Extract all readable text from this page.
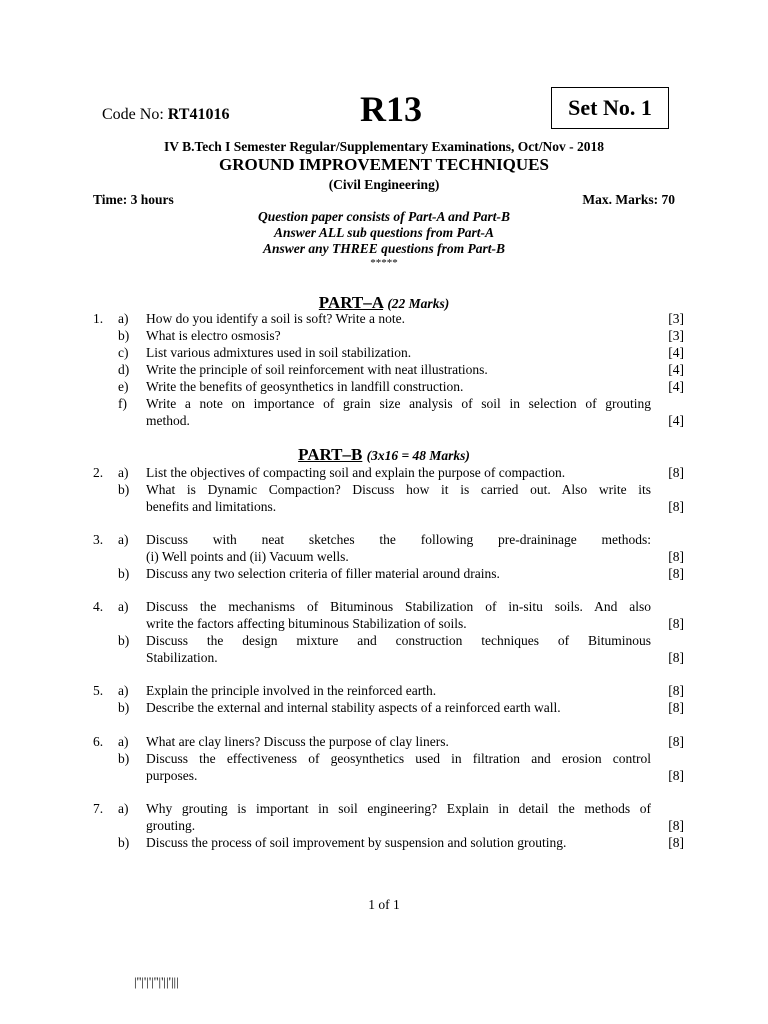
Code No: RT41016	R13	Set No. 1
IV B.Tech I Semester Regular/Supplementary Examinations, Oct/Nov - 2018
GROUND IMPROVEMENT TECHNIQUES
(Civil Engineering)
Time: 3 hours	Max. Marks: 70
Question paper consists of Part-A and Part-B
Answer ALL sub questions from Part-A
Answer any THREE questions from Part-B
*****
PART–A (22 Marks)
1. a) How do you identify a soil is soft? Write a note.	[3]
b) What is electro osmosis?	[3]
c) List various admixtures used in soil stabilization.	[4]
d) Write the principle of soil reinforcement with neat illustrations.	[4]
e) Write the benefits of geosynthetics in landfill construction.	[4]
f) Write a note on importance of grain size analysis of soil in selection of grouting
method.	[4]
PART–B (3x16 = 48 Marks)
2. a) List the objectives of compacting soil and explain the purpose of compaction.	[8]
b) What is Dynamic Compaction? Discuss how it is carried out. Also write its
benefits and limitations.	[8]
3. a) Discuss with neat sketches the following pre-draininage methods:
(i) Well points and (ii) Vacuum wells.	[8]
b) Discuss any two selection criteria of filler material around drains.	[8]
4. a) Discuss the mechanisms of Bituminous Stabilization of in-situ soils. And also
write the factors affecting bituminous Stabilization of soils.	[8]
b) Discuss the design mixture and construction techniques of Bituminous
Stabilization.	[8]
5. a) Explain the principle involved in the reinforced earth.	[8]
b) Describe the external and internal stability aspects of a reinforced earth wall.	[8]
6. a) What are clay liners? Discuss the purpose of clay liners.	[8]
b) Discuss the effectiveness of geosynthetics used in filtration and erosion control
purposes.	[8]
7. a) Why grouting is important in soil engineering? Explain in detail the methods of
grouting.	[8]
b) Discuss the process of soil improvement by suspension and solution grouting.	[8]
1 of 1
|''|'|'|''|'||'|||
